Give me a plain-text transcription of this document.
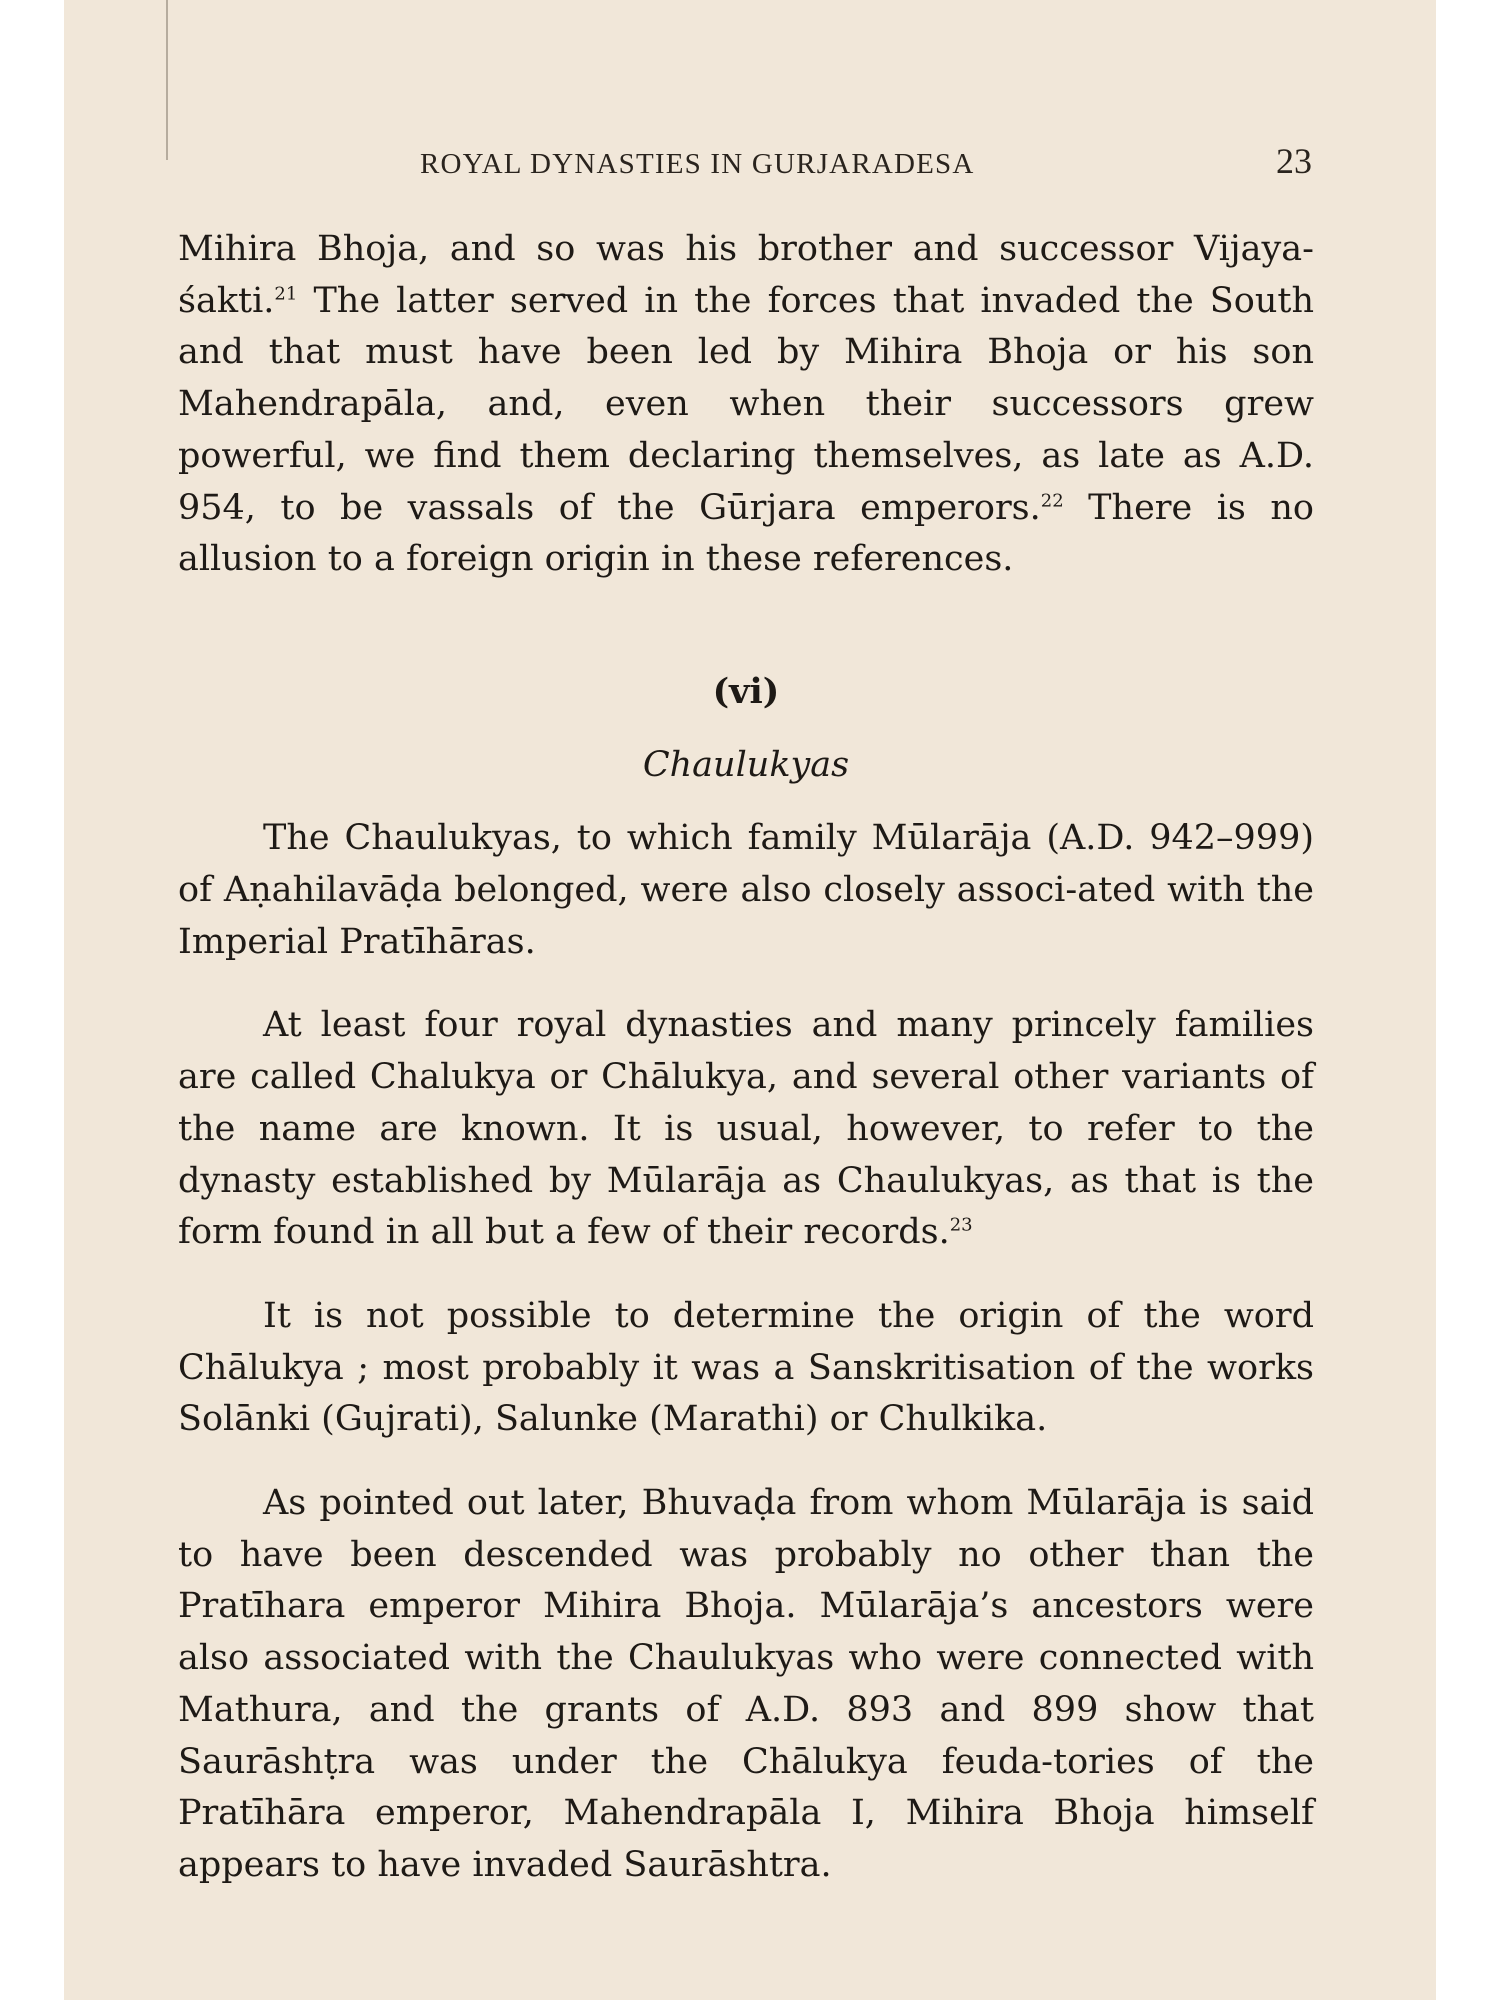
ROYAL DYNASTIES IN GURJARADESA	23

Mihira Bhoja, and so was his brother and successor Vijaya-śakti.$^{21}$ The latter served in the forces that invaded the South and that must have been led by Mihira Bhoja or his son Mahendrapāla, and, even when their successors grew powerful, we find them declaring themselves, as late as A.D. 954, to be vassals of the Gūrjara emperors.$^{22}$ There is no allusion to a foreign origin in these references.

(vi)

Chaulukyas

The Chaulukyas, to which family Mūlarāja (A.D. 942–999) of Aṇahilavāḍa belonged, were also closely associ-ated with the Imperial Pratīhāras.

At least four royal dynasties and many princely families are called Chalukya or Chālukya, and several other variants of the name are known. It is usual, however, to refer to the dynasty established by Mūlarāja as Chaulukyas, as that is the form found in all but a few of their records.$^{23}$

It is not possible to determine the origin of the word Chālukya ; most probably it was a Sanskritisation of the works Solānki (Gujrati), Salunke (Marathi) or Chulkika.

As pointed out later, Bhuvaḍa from whom Mūlarāja is said to have been descended was probably no other than the Pratīhara emperor Mihira Bhoja. Mūlarāja’s ancestors were also associated with the Chaulukyas who were connected with Mathura, and the grants of A.D. 893 and 899 show that Saurāshṭra was under the Chālukya feuda-tories of the Pratīhāra emperor, Mahendrapāla I, Mihira Bhoja himself appears to have invaded Saurāshtra.
